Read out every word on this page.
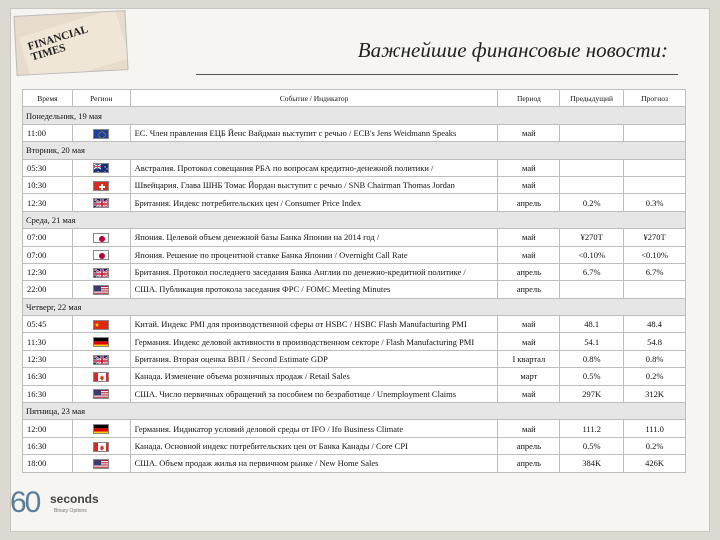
FINANCIAL TIMES	Важнейшие финансовые новости:
Время	Регион	Событие / Индикатор	Период	Предыдущий	Прогноз
Понедельник, 19 мая					
11:00		ЕС. Член правления ЕЦБ Йенс Вайдман выступит с речью / ECB's Jens Weidmann Speaks	май		
Вторник, 20 мая					
05:30		Австралия. Протокол совещания РБА по вопросам кредитно-денежной политики /	май		
10:30		Швейцария. Глава ШНБ Томас Йордан выступит с речью / SNB Chairman Thomas Jordan	май		
12:30		Британия. Индекс потребительских цен / Consumer Price Index	апрель	0.2%	0.3%
Среда, 21 мая					
07:00		Япония. Целевой объем денежной базы Банка Японии на 2014 год /	май	¥270T	¥270T
07:00		Япония. Решение по процентной ставке Банка Японии / Overnight Call Rate	май	<0.10%	<0.10%
12:30		Британия. Протокол последнего заседания Банка Англии по денежно-кредитной политике /	апрель	6.7%	6.7%
22:00		США. Публикация протокола заседания ФРС / FOMC Meeting Minutes	апрель		
Четверг, 22 мая					
05:45		Китай. Индекс PMI для производственной сферы от HSBC / HSBC Flash Manufacturing PMI	май	48.1	48.4
11:30		Германия. Индекс деловой активности в производственном секторе / Flash Manufacturing PMI	май	54.1	54.8
12:30		Британия. Вторая оценка ВВП / Second Estimate GDP	I квартал	0.8%	0.8%
16:30		Канада. Изменение объема розничных продаж / Retail Sales	март	0.5%	0.2%
16:30		США. Число первичных обращений за пособием по безработице / Unemployment Claims	май	297K	312K
Пятница, 23 мая					
12:00		Германия. Индикатор условий деловой среды от IFO / Ifo Business Climate	май	111.2	111.0
16:30		Канада. Основной индекс потребительских цен от Банка Канады / Core CPI	апрель	0.5%	0.2%
18:00		США. Объем продаж жилья на первичном рынке / New Home Sales	апрель	384K	426K
60 seconds
Binary Options
